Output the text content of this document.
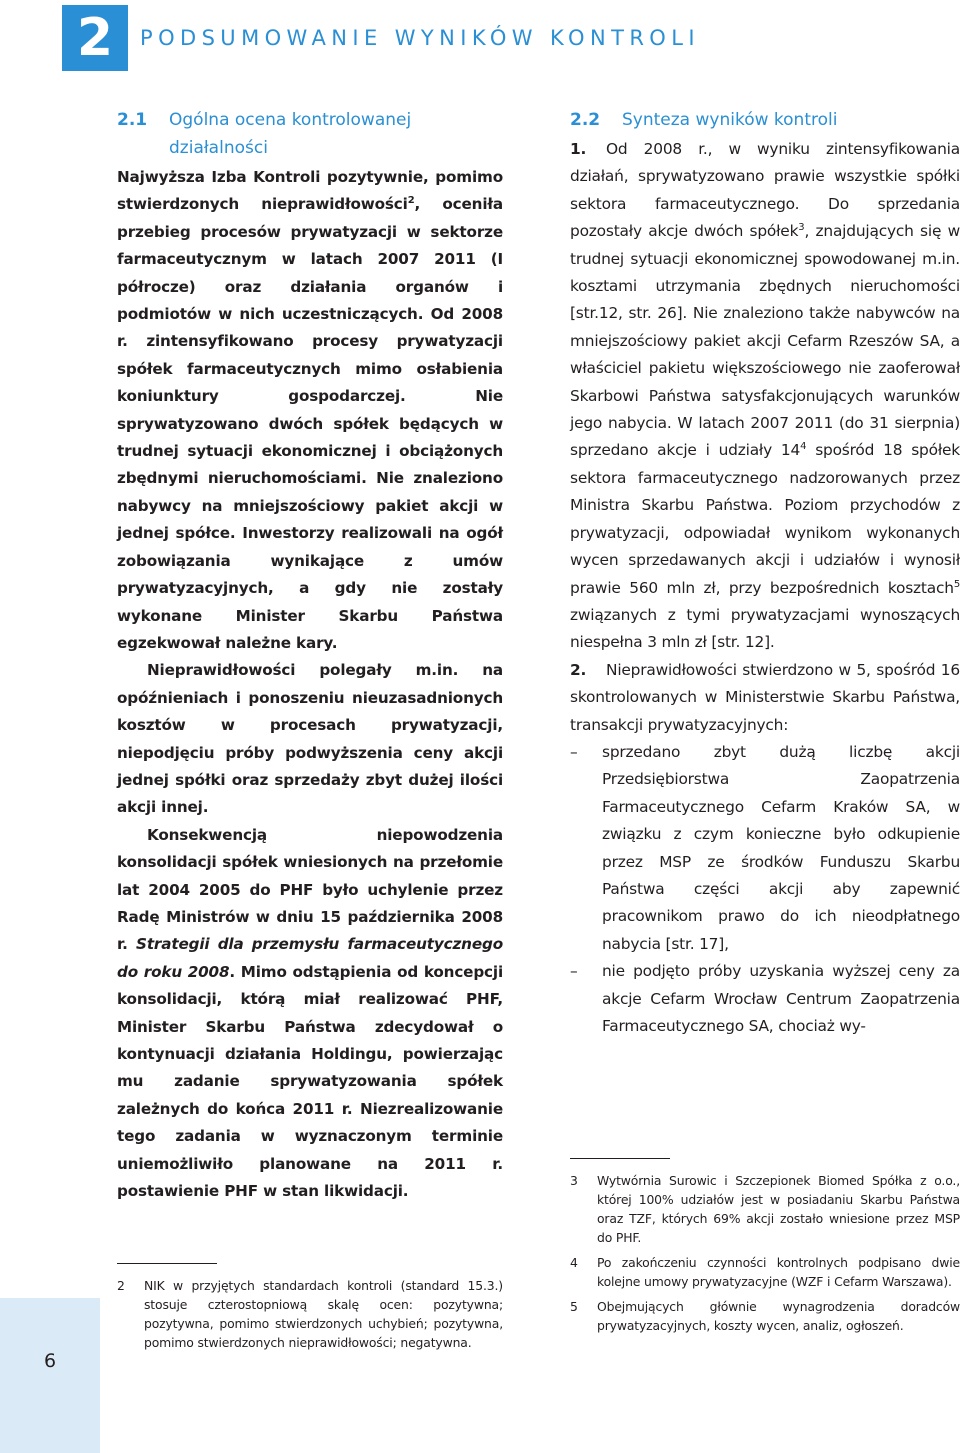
2	PODSUMOWANIE WYNIKÓW KONTROLI
6
2.1	Ogólna ocena kontrolowanej działalności

Najwyższa Izba Kontroli pozytywnie, pomimo stwierdzonych nieprawidłowości$^2$, oceniła przebieg procesów prywatyzacji w sektorze farmaceutycznym w latach 2007 2011 (I półrocze) oraz działania organów i podmiotów w nich uczestniczących. Od 2008 r. zintensyfikowano procesy prywatyzacji spółek farmaceutycznych mimo osłabienia koniunktury gospodarczej. Nie sprywatyzowano dwóch spółek będących w trudnej sytuacji ekonomicznej i obciążonych zbędnymi nieruchomościami. Nie znaleziono nabywcy na mniejszościowy pakiet akcji w jednej spółce. Inwestorzy realizowali na ogół zobowiązania wynikające z umów prywatyzacyjnych, a gdy nie zostały wykonane Minister Skarbu Państwa egzekwował należne kary.

Nieprawidłowości polegały m.in. na opóźnieniach i ponoszeniu nieuzasadnionych kosztów w procesach prywatyzacji, niepodjęciu próby podwyższenia ceny akcji jednej spółki oraz sprzedaży zbyt dużej ilości akcji innej.

Konsekwencją niepowodzenia konsolidacji spółek wniesionych na przełomie lat 2004 2005 do PHF było uchylenie przez Radę Ministrów w dniu 15 października 2008 r. Strategii dla przemysłu farmaceutycznego do roku 2008. Mimo odstąpienia od koncepcji konsolidacji, którą miał realizować PHF, Minister Skarbu Państwa zdecydował o kontynuacji działania Holdingu, powierzając mu zadanie sprywatyzowania spółek zależnych do końca 2011 r. Niezrealizowanie tego zadania w wyznaczonym terminie uniemożliwiło planowane na 2011 r. postawienie PHF w stan likwidacji.

2	NIK w przyjętych standardach kontroli (standard 15.3.) stosuje czterostopniową skalę ocen: pozytywna; pozytywna, pomimo stwierdzonych uchybień; pozytywna, pomimo stwierdzonych nieprawidłowości; negatywna.
2.2	Synteza wyników kontroli

1. Od 2008 r., w wyniku zintensyfikowania działań, sprywatyzowano prawie wszystkie spółki sektora farmaceutycznego. Do sprzedania pozostały akcje dwóch spółek$^3$, znajdujących się w trudnej sytuacji ekonomicznej spowodowanej m.in. kosztami utrzymania zbędnych nieruchomości [str.12, str. 26]. Nie znaleziono także nabywców na mniejszościowy pakiet akcji Cefarm Rzeszów SA, a właściciel pakietu większościowego nie zaoferował Skarbowi Państwa satysfakcjonujących warunków jego nabycia. W latach 2007 2011 (do 31 sierpnia) sprzedano akcje i udziały $14^4$ spośród 18 spółek sektora farmaceutycznego nadzorowanych przez Ministra Skarbu Państwa. Poziom przychodów z prywatyzacji, odpowiadał wynikom wykonanych wycen sprzedawanych akcji i udziałów i wynosił prawie 560 mln zł, przy bezpośrednich kosztach$^5$ związanych z tymi prywatyzacjami wynoszących niespełna 3 mln zł [str. 12].

2. Nieprawidłowości stwierdzono w 5, spośród 16 skontrolowanych w Ministerstwie Skarbu Państwa, transakcji prywatyzacyjnych:

– sprzedano zbyt dużą liczbę akcji Przedsiębiorstwa Zaopatrzenia Farmaceutycznego Cefarm Kraków SA, w związku z czym konieczne było odkupienie przez MSP ze środków Funduszu Skarbu Państwa części akcji aby zapewnić pracownikom prawo do ich nieodpłatnego nabycia [str. 17],
– nie podjęto próby uzyskania wyższej ceny za akcje Cefarm Wrocław Centrum Zaopatrzenia Farmaceutycznego SA, chociaż wy-
3	Wytwórnia Surowic i Szczepionek Biomed Spółka z o.o., której 100% udziałów jest w posiadaniu Skarbu Państwa oraz TZF, których 69% akcji zostało wniesione przez MSP do PHF.
4	Po zakończeniu czynności kontrolnych podpisano dwie kolejne umowy prywatyzacyjne (WZF i Cefarm Warszawa).
5	Obejmujących głównie wynagrodzenia doradców prywatyzacyjnych, koszty wycen, analiz, ogłoszeń.
